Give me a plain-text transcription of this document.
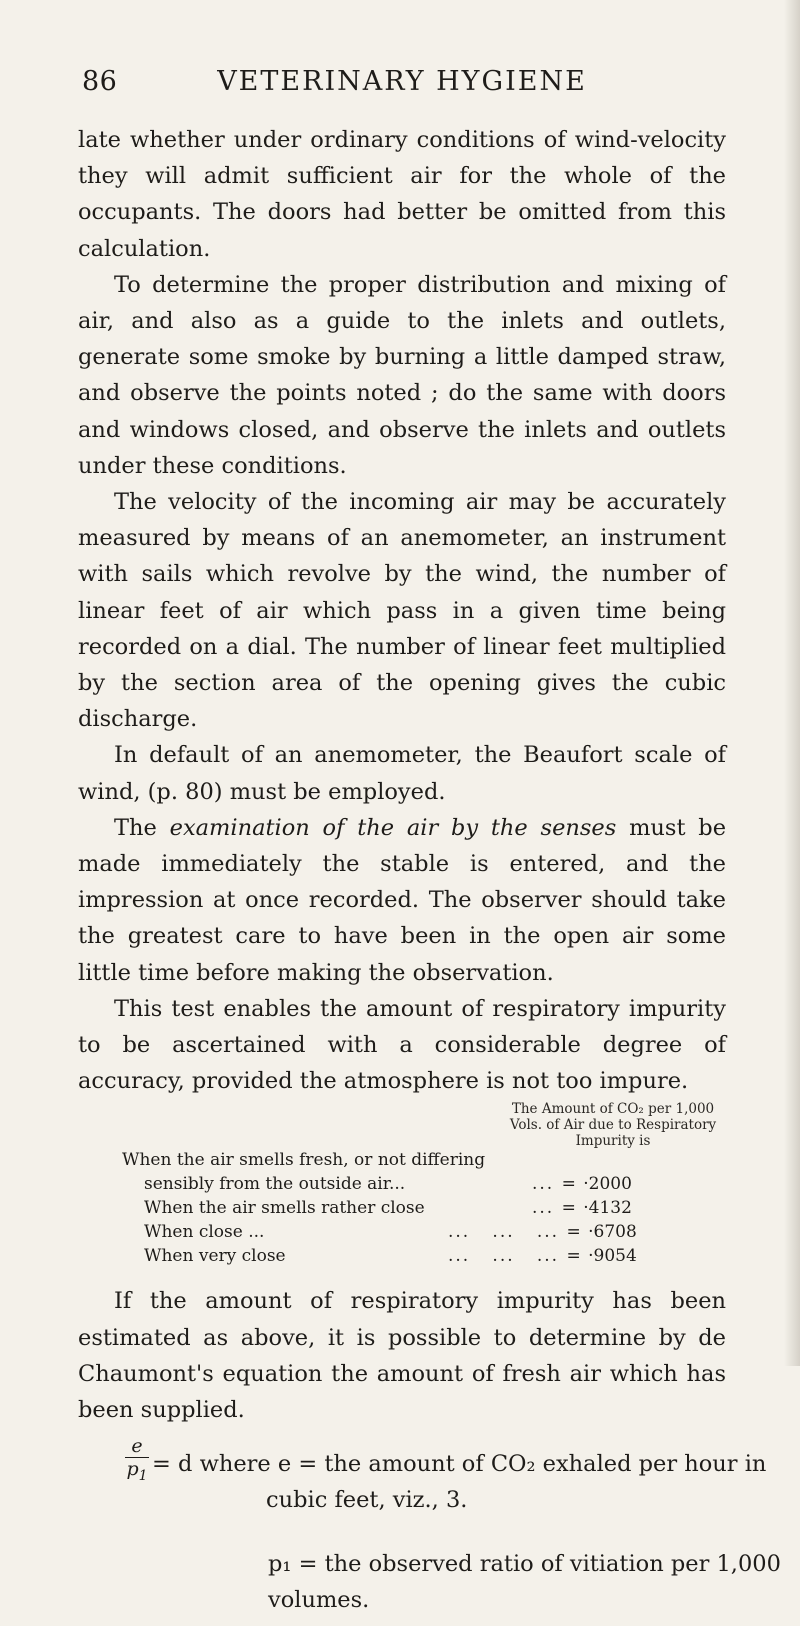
86	VETERINARY HYGIENE

late whether under ordinary conditions of wind-velocity they will admit sufficient air for the whole of the occupants. The doors had better be omitted from this calculation.

To determine the proper distribution and mixing of air, and also as a guide to the inlets and outlets, generate some smoke by burning a little damped straw, and observe the points noted ; do the same with doors and windows closed, and observe the inlets and outlets under these conditions.

The velocity of the incoming air may be accurately measured by means of an anemometer, an instrument with sails which revolve by the wind, the number of linear feet of air which pass in a given time being recorded on a dial. The number of linear feet multiplied by the section area of the opening gives the cubic discharge.

In default of an anemometer, the Beaufort scale of wind, (p. 80) must be employed.

The examination of the air by the senses must be made immediately the stable is entered, and the impression at once recorded. The observer should take the greatest care to have been in the open air some little time before making the observation.

This test enables the amount of respiratory impurity to be ascertained with a considerable degree of accuracy, provided the atmosphere is not too impure.

The Amount of CO₂ per 1,000 Vols. of Air due to Respiratory Impurity is
When the air smells fresh, or not differing
sensibly from the outside air...	... = ·2000
When the air smells rather close	... = ·4132
When close ...	...   ...   ... = ·6708
When very close	...   ...   ... = ·9054

If the amount of respiratory impurity has been estimated as above, it is possible to determine by de Chaumont's equation the amount of fresh air which has been supplied.

e
$p_1 = d$ where e = the amount of CO₂ exhaled per hour in
cubic feet, viz., 3.
p₁ = the observed ratio of vitiation per 1,000
volumes.
